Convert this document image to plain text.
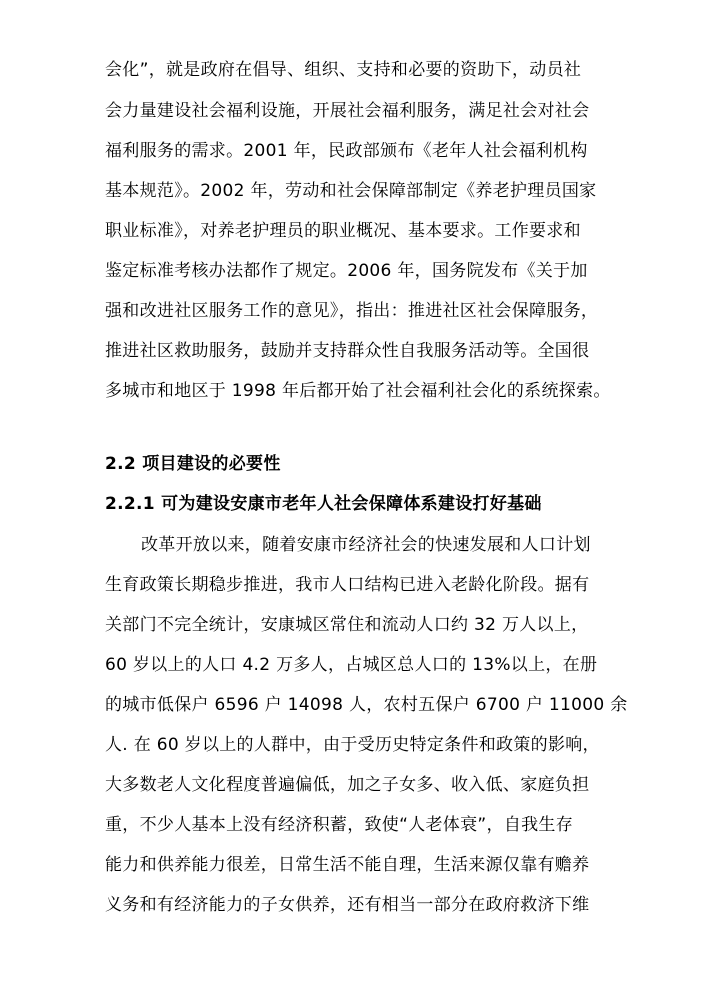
会化”，就是政府在倡导、组织、支持和必要的资助下，动员社
会力量建设社会福利设施，开展社会福利服务，满足社会对社会
福利服务的需求。2001 年，民政部颁布《老年人社会福利机构
基本规范》。2002 年，劳动和社会保障部制定《养老护理员国家
职业标准》，对养老护理员的职业概况、基本要求。工作要求和
鉴定标准考核办法都作了规定。2006 年，国务院发布《关于加
强和改进社区服务工作的意见》，指出：推进社区社会保障服务，
推进社区救助服务，鼓励并支持群众性自我服务活动等。全国很
多城市和地区于 1998 年后都开始了社会福利社会化的系统探索。
2.2 项目建设的必要性
2.2.1 可为建设安康市老年人社会保障体系建设打好基础
改革开放以来，随着安康市经济社会的快速发展和人口计划
生育政策长期稳步推进，我市人口结构已进入老龄化阶段。据有
关部门不完全统计，安康城区常住和流动人口约 32 万人以上，
60 岁以上的人口 4.2 万多人，占城区总人口的 13%以上，在册
的城市低保户 6596 户 14098 人，农村五保户 6700 户 11000 余
人. 在 60 岁以上的人群中，由于受历史特定条件和政策的影响，
大多数老人文化程度普遍偏低，加之子女多、收入低、家庭负担
重，不少人基本上没有经济积蓄，致使“人老体衰”，自我生存
能力和供养能力很差，日常生活不能自理，生活来源仅靠有赡养
义务和有经济能力的子女供养，还有相当一部分在政府救济下维
